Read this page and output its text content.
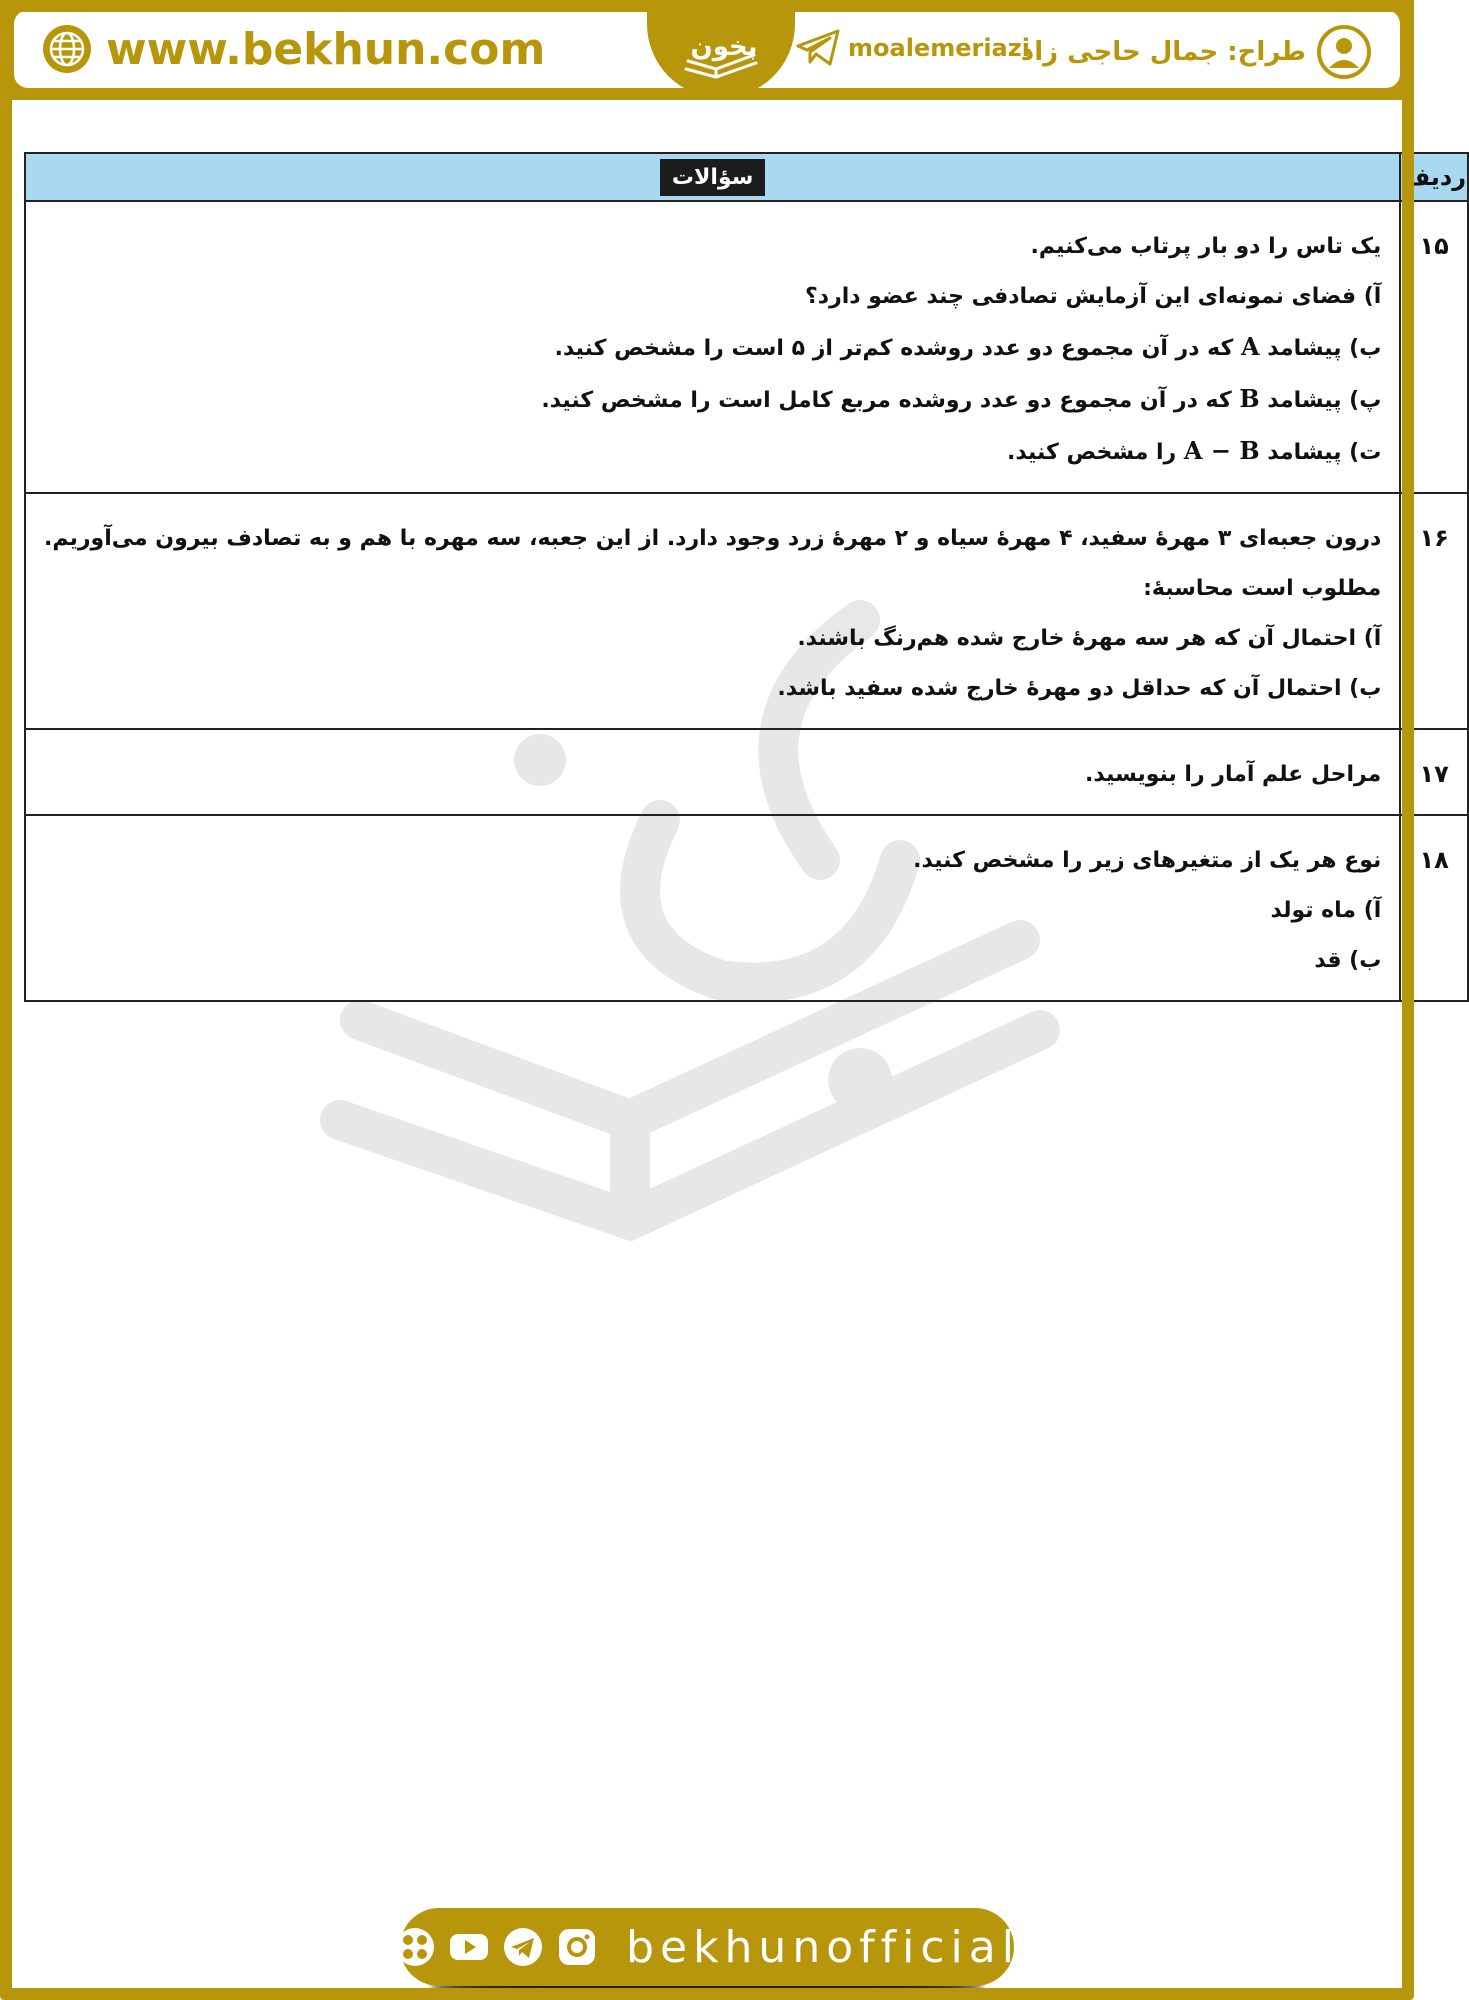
www.bekhun.com	بخون	moalemeriazi
طراح: جمال حاجی زاد
ردیف	سؤالات
۱۵	یک تاس را دو بار پرتاب می‌کنیم.
آ) فضای نمونه‌ای این آزمایش تصادفی چند عضو دارد؟
ب) پیشامد A که در آن مجموع دو عدد روشده کم‌تر از ۵ است را مشخص کنید.
پ) پیشامد B که در آن مجموع دو عدد روشده مربع کامل است را مشخص کنید.
ت) پیشامد A − B را مشخص کنید.

۱۶	درون جعبه‌ای ۳ مهرهٔ سفید، ۴ مهرهٔ سیاه و ۲ مهرهٔ زرد وجود دارد. از این جعبه، سه مهره با هم و به تصادف بیرون می‌آوریم.
مطلوب است محاسبهٔ:
آ) احتمال آن که هر سه مهرهٔ خارج شده هم‌رنگ باشند.
ب) احتمال آن که حداقل دو مهرهٔ خارج شده سفید باشد.

۱۷	مراحل علم آمار را بنویسید.

۱۸	نوع هر یک از متغیرهای زیر را مشخص کنید.
آ) ماه تولد
ب) قد
bekhunofficial
